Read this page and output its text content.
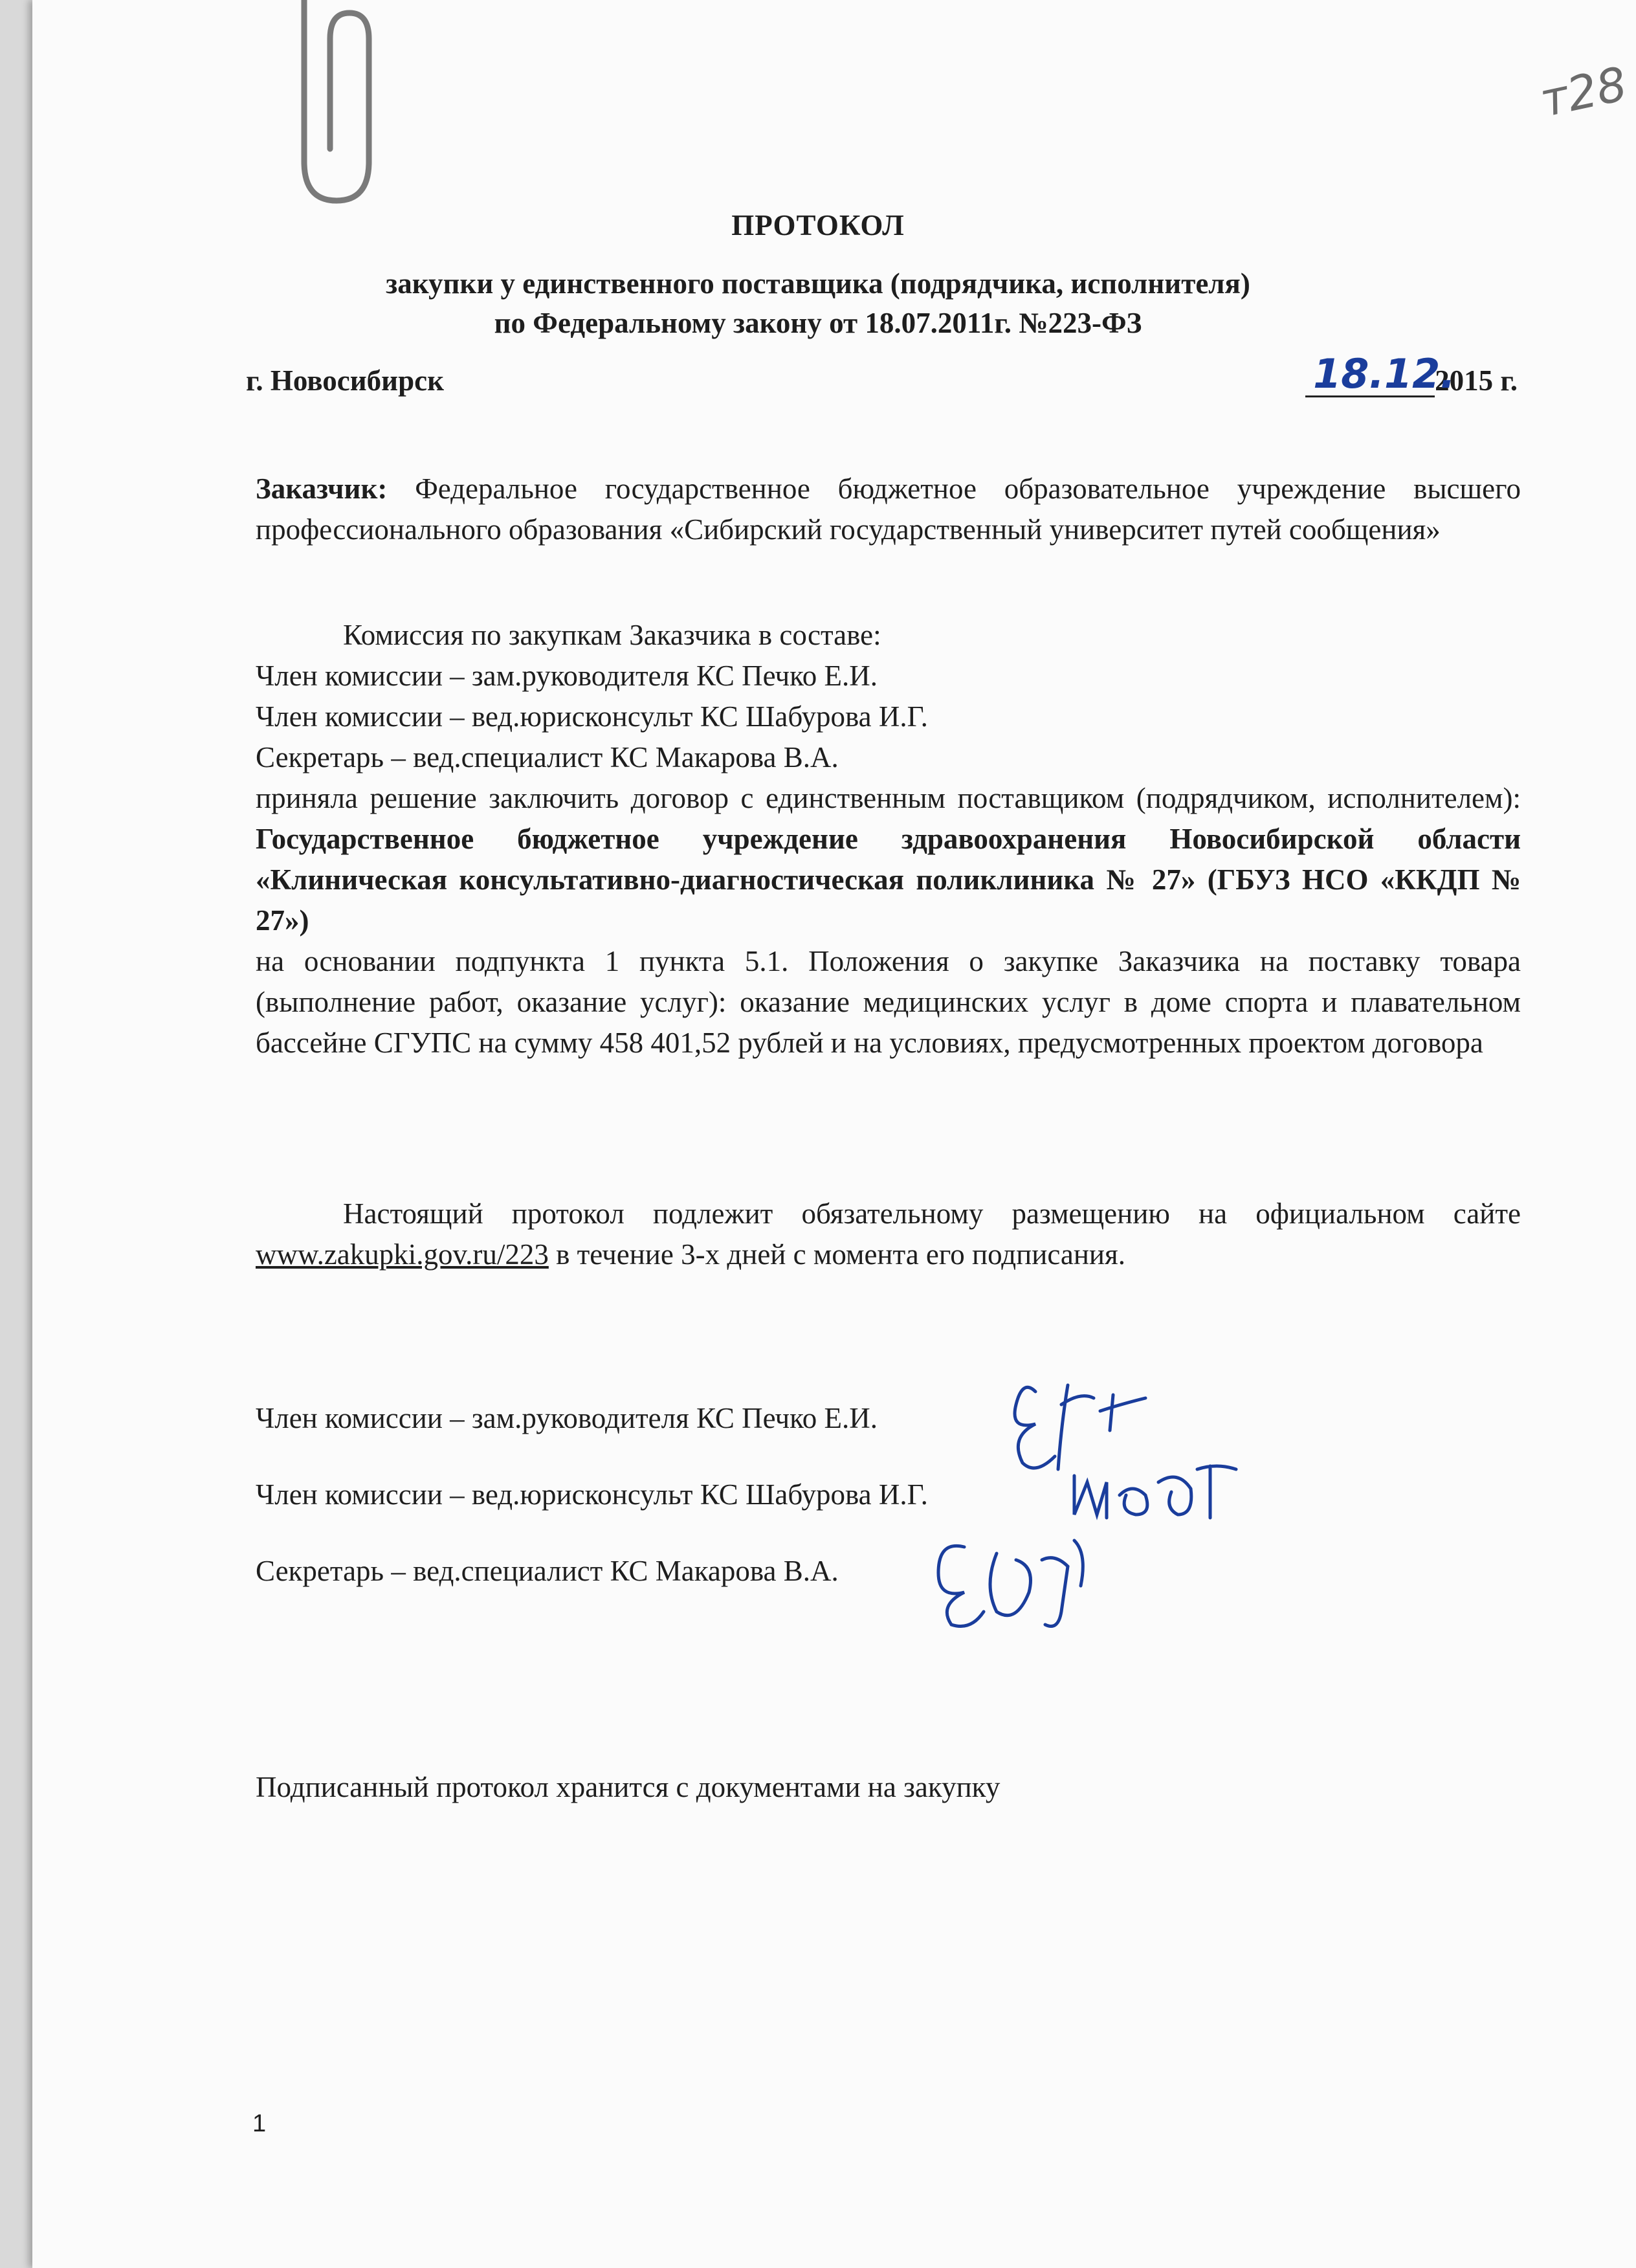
т28
ПРОТОКОЛ
закупки у единственного поставщика (подрядчика, исполнителя)
по Федеральному закону от 18.07.2011г. №223-ФЗ
г. Новосибирск	18.12.
2015 г.
Заказчик: Федеральное государственное бюджетное образовательное учреждение высшего профессионального образования «Сибирский государственный университет путей сообщения»
Комиссия по закупкам Заказчика в составе:
Член комиссии – зам.руководителя КС Печко Е.И.
Член комиссии – вед.юрисконсульт КС Шабурова И.Г.
Секретарь – вед.специалист КС Макарова В.А.
приняла решение заключить договор с единственным поставщиком (подрядчиком, исполнителем): Государственное бюджетное учреждение здравоохранения Новосибирской области «Клиническая консультативно-диагностическая поликлиника № 27» (ГБУЗ НСО «ККДП № 27»)
на основании подпункта 1 пункта 5.1. Положения о закупке Заказчика на поставку товара (выполнение работ, оказание услуг): оказание медицинских услуг в доме спорта и плавательном бассейне СГУПС на сумму 458 401,52 рублей и на условиях, предусмотренных проектом договора
Настоящий протокол подлежит обязательному размещению на официальном сайте www.zakupki.gov.ru/223 в течение 3-х дней с момента его подписания.
Член комиссии – зам.руководителя КС Печко Е.И.
Член комиссии – вед.юрисконсульт КС Шабурова И.Г.
Секретарь – вед.специалист КС Макарова В.А.
Подписанный протокол хранится с документами на закупку
1
